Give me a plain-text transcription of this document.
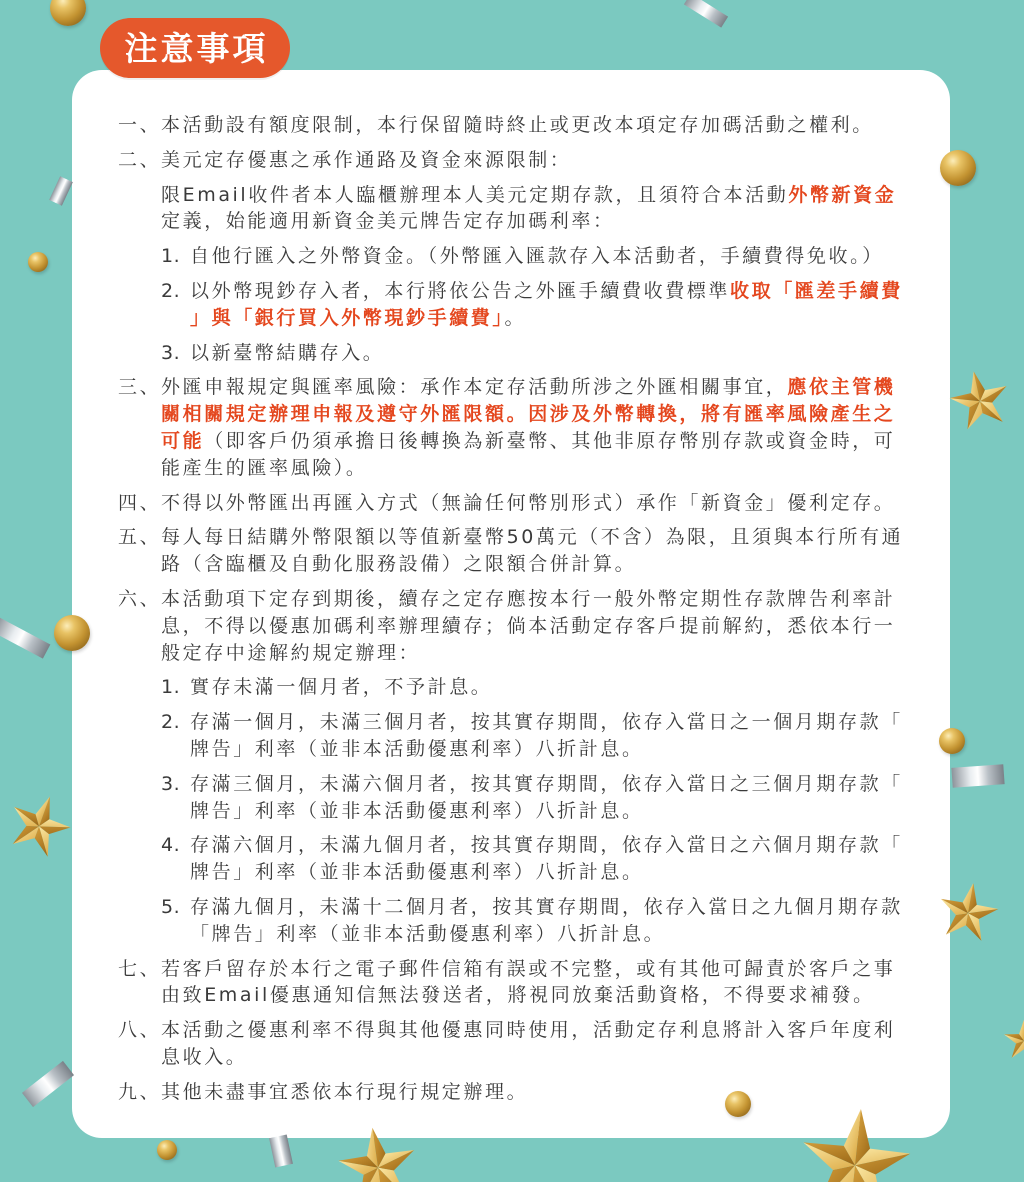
一、 本活動設有額度限制，本行保留隨時終止或更改本項定存加碼活動之權利。
二、 美元定存優惠之承作通路及資金來源限制：
限Email收件者本人臨櫃辦理本人美元定期存款，且須符合本活動外幣新資金
定義，始能適用新資金美元牌告定存加碼利率：
1. 自他行匯入之外幣資金。（外幣匯入匯款存入本活動者，手續費得免收。）
2. 以外幣現鈔存入者，本行將依公告之外匯手續費收費標準收取「匯差手續費
」與「銀行買入外幣現鈔手續費」。
3. 以新臺幣結購存入。
三、 外匯申報規定與匯率風險：承作本定存活動所涉之外匯相關事宜，應依主管機
關相關規定辦理申報及遵守外匯限額。因涉及外幣轉換，將有匯率風險產生之
可能（即客戶仍須承擔日後轉換為新臺幣、其他非原存幣別存款或資金時，可
能產生的匯率風險）。
四、 不得以外幣匯出再匯入方式（無論任何幣別形式）承作「新資金」優利定存。
五、 每人每日結購外幣限額以等值新臺幣50萬元（不含）為限，且須與本行所有通
路（含臨櫃及自動化服務設備）之限額合併計算。
六、 本活動項下定存到期後，續存之定存應按本行一般外幣定期性存款牌告利率計
息，不得以優惠加碼利率辦理續存；倘本活動定存客戶提前解約，悉依本行一
般定存中途解約規定辦理：
1. 實存未滿一個月者，不予計息。
2. 存滿一個月，未滿三個月者，按其實存期間，依存入當日之一個月期存款「
牌告」利率（並非本活動優惠利率）八折計息。
3. 存滿三個月，未滿六個月者，按其實存期間，依存入當日之三個月期存款「
牌告」利率（並非本活動優惠利率）八折計息。
4. 存滿六個月，未滿九個月者，按其實存期間，依存入當日之六個月期存款「
牌告」利率（並非本活動優惠利率）八折計息。
5. 存滿九個月，未滿十二個月者，按其實存期間，依存入當日之九個月期存款
「牌告」利率（並非本活動優惠利率）八折計息。
七、 若客戶留存於本行之電子郵件信箱有誤或不完整，或有其他可歸責於客戶之事
由致Email優惠通知信無法發送者，將視同放棄活動資格，不得要求補發。
八、 本活動之優惠利率不得與其他優惠同時使用，活動定存利息將計入客戶年度利
息收入。
九、 其他未盡事宜悉依本行現行規定辦理。
注意事項
